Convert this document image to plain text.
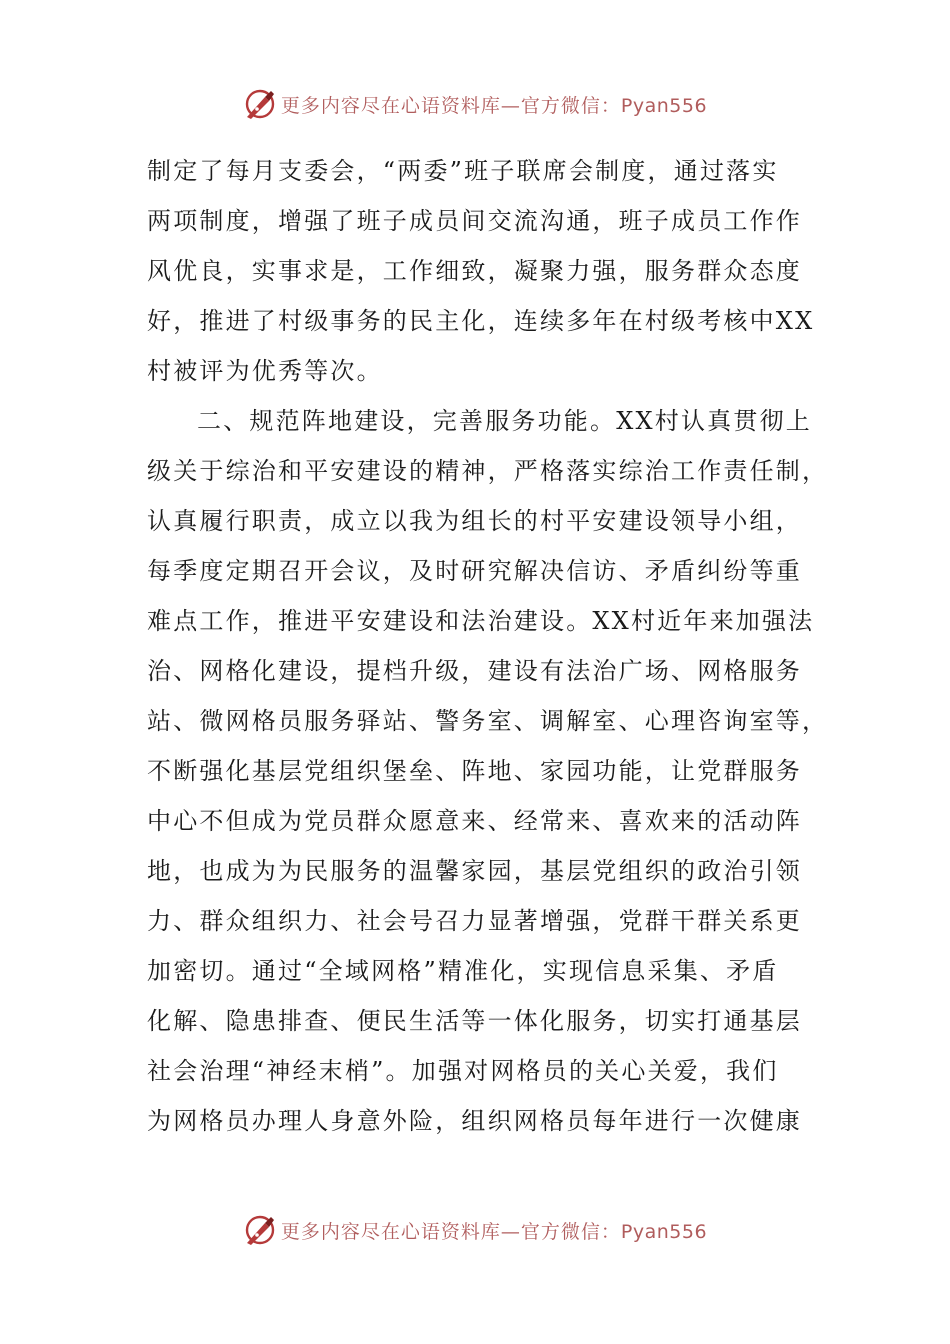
更多内容尽在心语资料库—官方微信：Pyan556
制定了每月支委会，“两委”班子联席会制度，通过落实
两项制度，增强了班子成员间交流沟通，班子成员工作作
风优良，实事求是，工作细致，凝聚力强，服务群众态度
好，推进了村级事务的民主化，连续多年在村级考核中XX
村被评为优秀等次。
二、规范阵地建设，完善服务功能。XX村认真贯彻上
级关于综治和平安建设的精神，严格落实综治工作责任制，
认真履行职责，成立以我为组长的村平安建设领导小组，
每季度定期召开会议，及时研究解决信访、矛盾纠纷等重
难点工作，推进平安建设和法治建设。XX村近年来加强法
治、网格化建设，提档升级，建设有法治广场、网格服务
站、微网格员服务驿站、警务室、调解室、心理咨询室等，
不断强化基层党组织堡垒、阵地、家园功能，让党群服务
中心不但成为党员群众愿意来、经常来、喜欢来的活动阵
地，也成为为民服务的温馨家园，基层党组织的政治引领
力、群众组织力、社会号召力显著增强，党群干群关系更
加密切。通过“全域网格”精准化，实现信息采集、矛盾
化解、隐患排查、便民生活等一体化服务，切实打通基层
社会治理“神经末梢”。加强对网格员的关心关爱，我们
为网格员办理人身意外险，组织网格员每年进行一次健康
更多内容尽在心语资料库—官方微信：Pyan556
